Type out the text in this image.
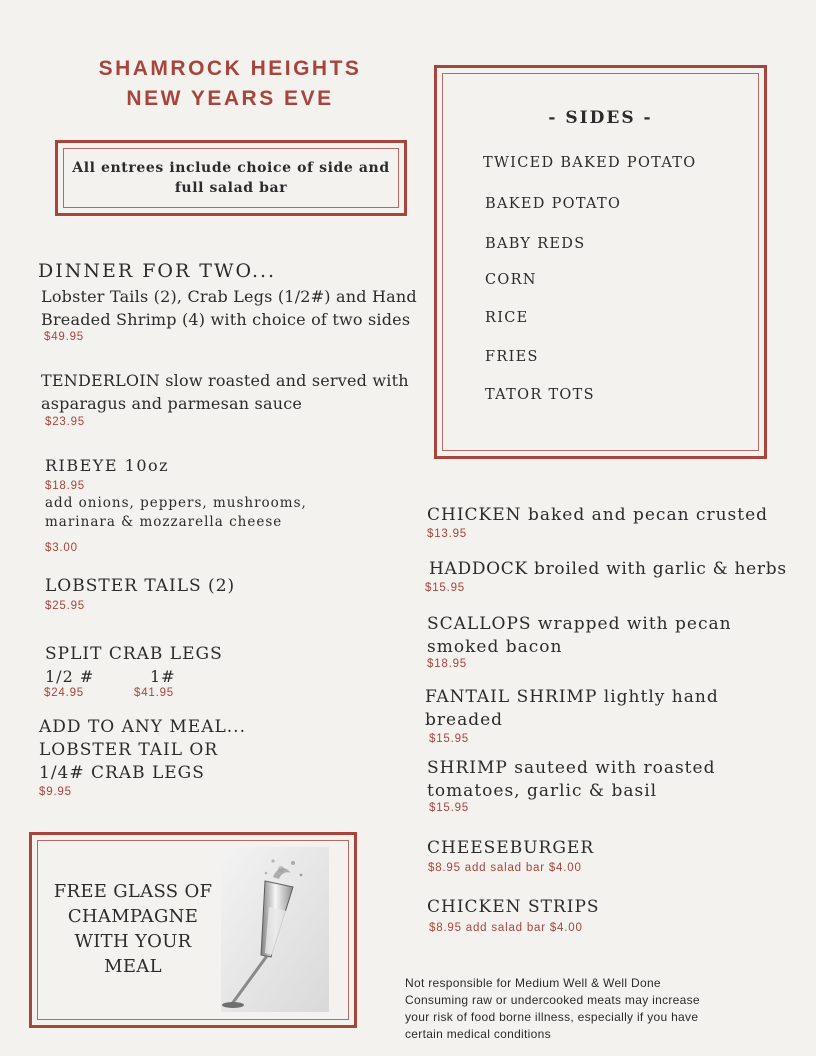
SHAMROCK HEIGHTS
NEW YEARS EVE
All entrees include choice of side and full salad bar
- SIDES -
TWICED BAKED POTATO
BAKED POTATO
BABY REDS
CORN
RICE
FRIES
TATOR TOTS
DINNER FOR TWO...
Lobster Tails (2), Crab Legs (1/2#) and Hand
Breaded Shrimp (4) with choice of two sides
$49.95
TENDERLOIN slow roasted and served with
asparagus and parmesan sauce
$23.95
RIBEYE 10oz
$18.95
add onions, peppers, mushrooms,
marinara & mozzarella cheese
$3.00
LOBSTER TAILS (2)
$25.95
SPLIT CRAB LEGS
1/2 #	1#
$24.95	$41.95
ADD TO ANY MEAL...
LOBSTER TAIL OR
1/4# CRAB LEGS
$9.95
CHICKEN baked and pecan crusted
$13.95
HADDOCK broiled with garlic & herbs
$15.95
SCALLOPS wrapped with pecan
smoked bacon
$18.95
FANTAIL SHRIMP lightly hand
breaded
$15.95
SHRIMP sauteed with roasted
tomatoes, garlic & basil
$15.95
CHEESEBURGER
$8.95 add salad bar $4.00
CHICKEN STRIPS
$8.95 add salad bar $4.00
FREE GLASS OF
CHAMPAGNE
WITH YOUR
MEAL
Not responsible for Medium Well & Well Done
Consuming raw or undercooked meats may increase
your risk of food borne illness, especially if you have
certain medical conditions
